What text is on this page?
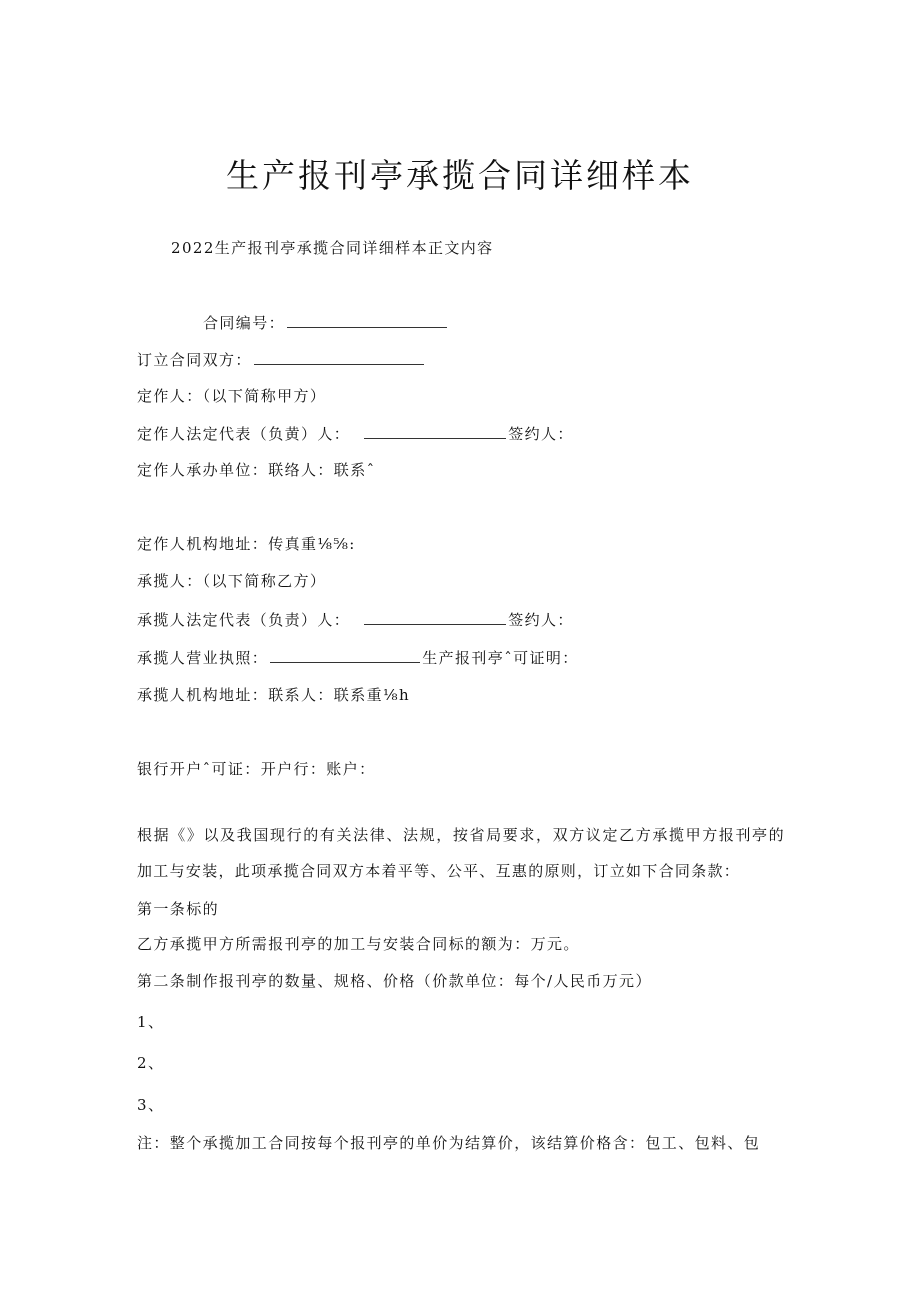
生产报刊亭承揽合同详细样本
2022生产报刊亭承揽合同详细样本正文内容
合同编号：
订立合同双方：
定作人：（以下简称甲方）
定作人法定代表（负黄）人：	签约人：
定作人承办单位：联络人：联系ˆ
定作人机构地址：传真重⅛⅝:
承揽人：（以下简称乙方）
承揽人法定代表（负责）人：	签约人：
承揽人营业执照：	生产报刊亭ˆ可证明：
承揽人机构地址：联系人：联系重⅛h
银行开户ˆ可证：开户行：账户：
根据《》以及我国现行的有关法律、法规，按省局要求，双方议定乙方承揽甲方报刊亭的加工与安装，此项承揽合同双方本着平等、公平、互惠的原则，订立如下合同条款：
第一条标的
乙方承揽甲方所需报刊亭的加工与安装合同标的额为：万元。
第二条制作报刊亭的数量、规格、价格（价款单位：每个/人民币万元）
1、
2、
3、
注：整个承揽加工合同按每个报刊亭的单价为结算价，该结算价格含：包工、包料、包
